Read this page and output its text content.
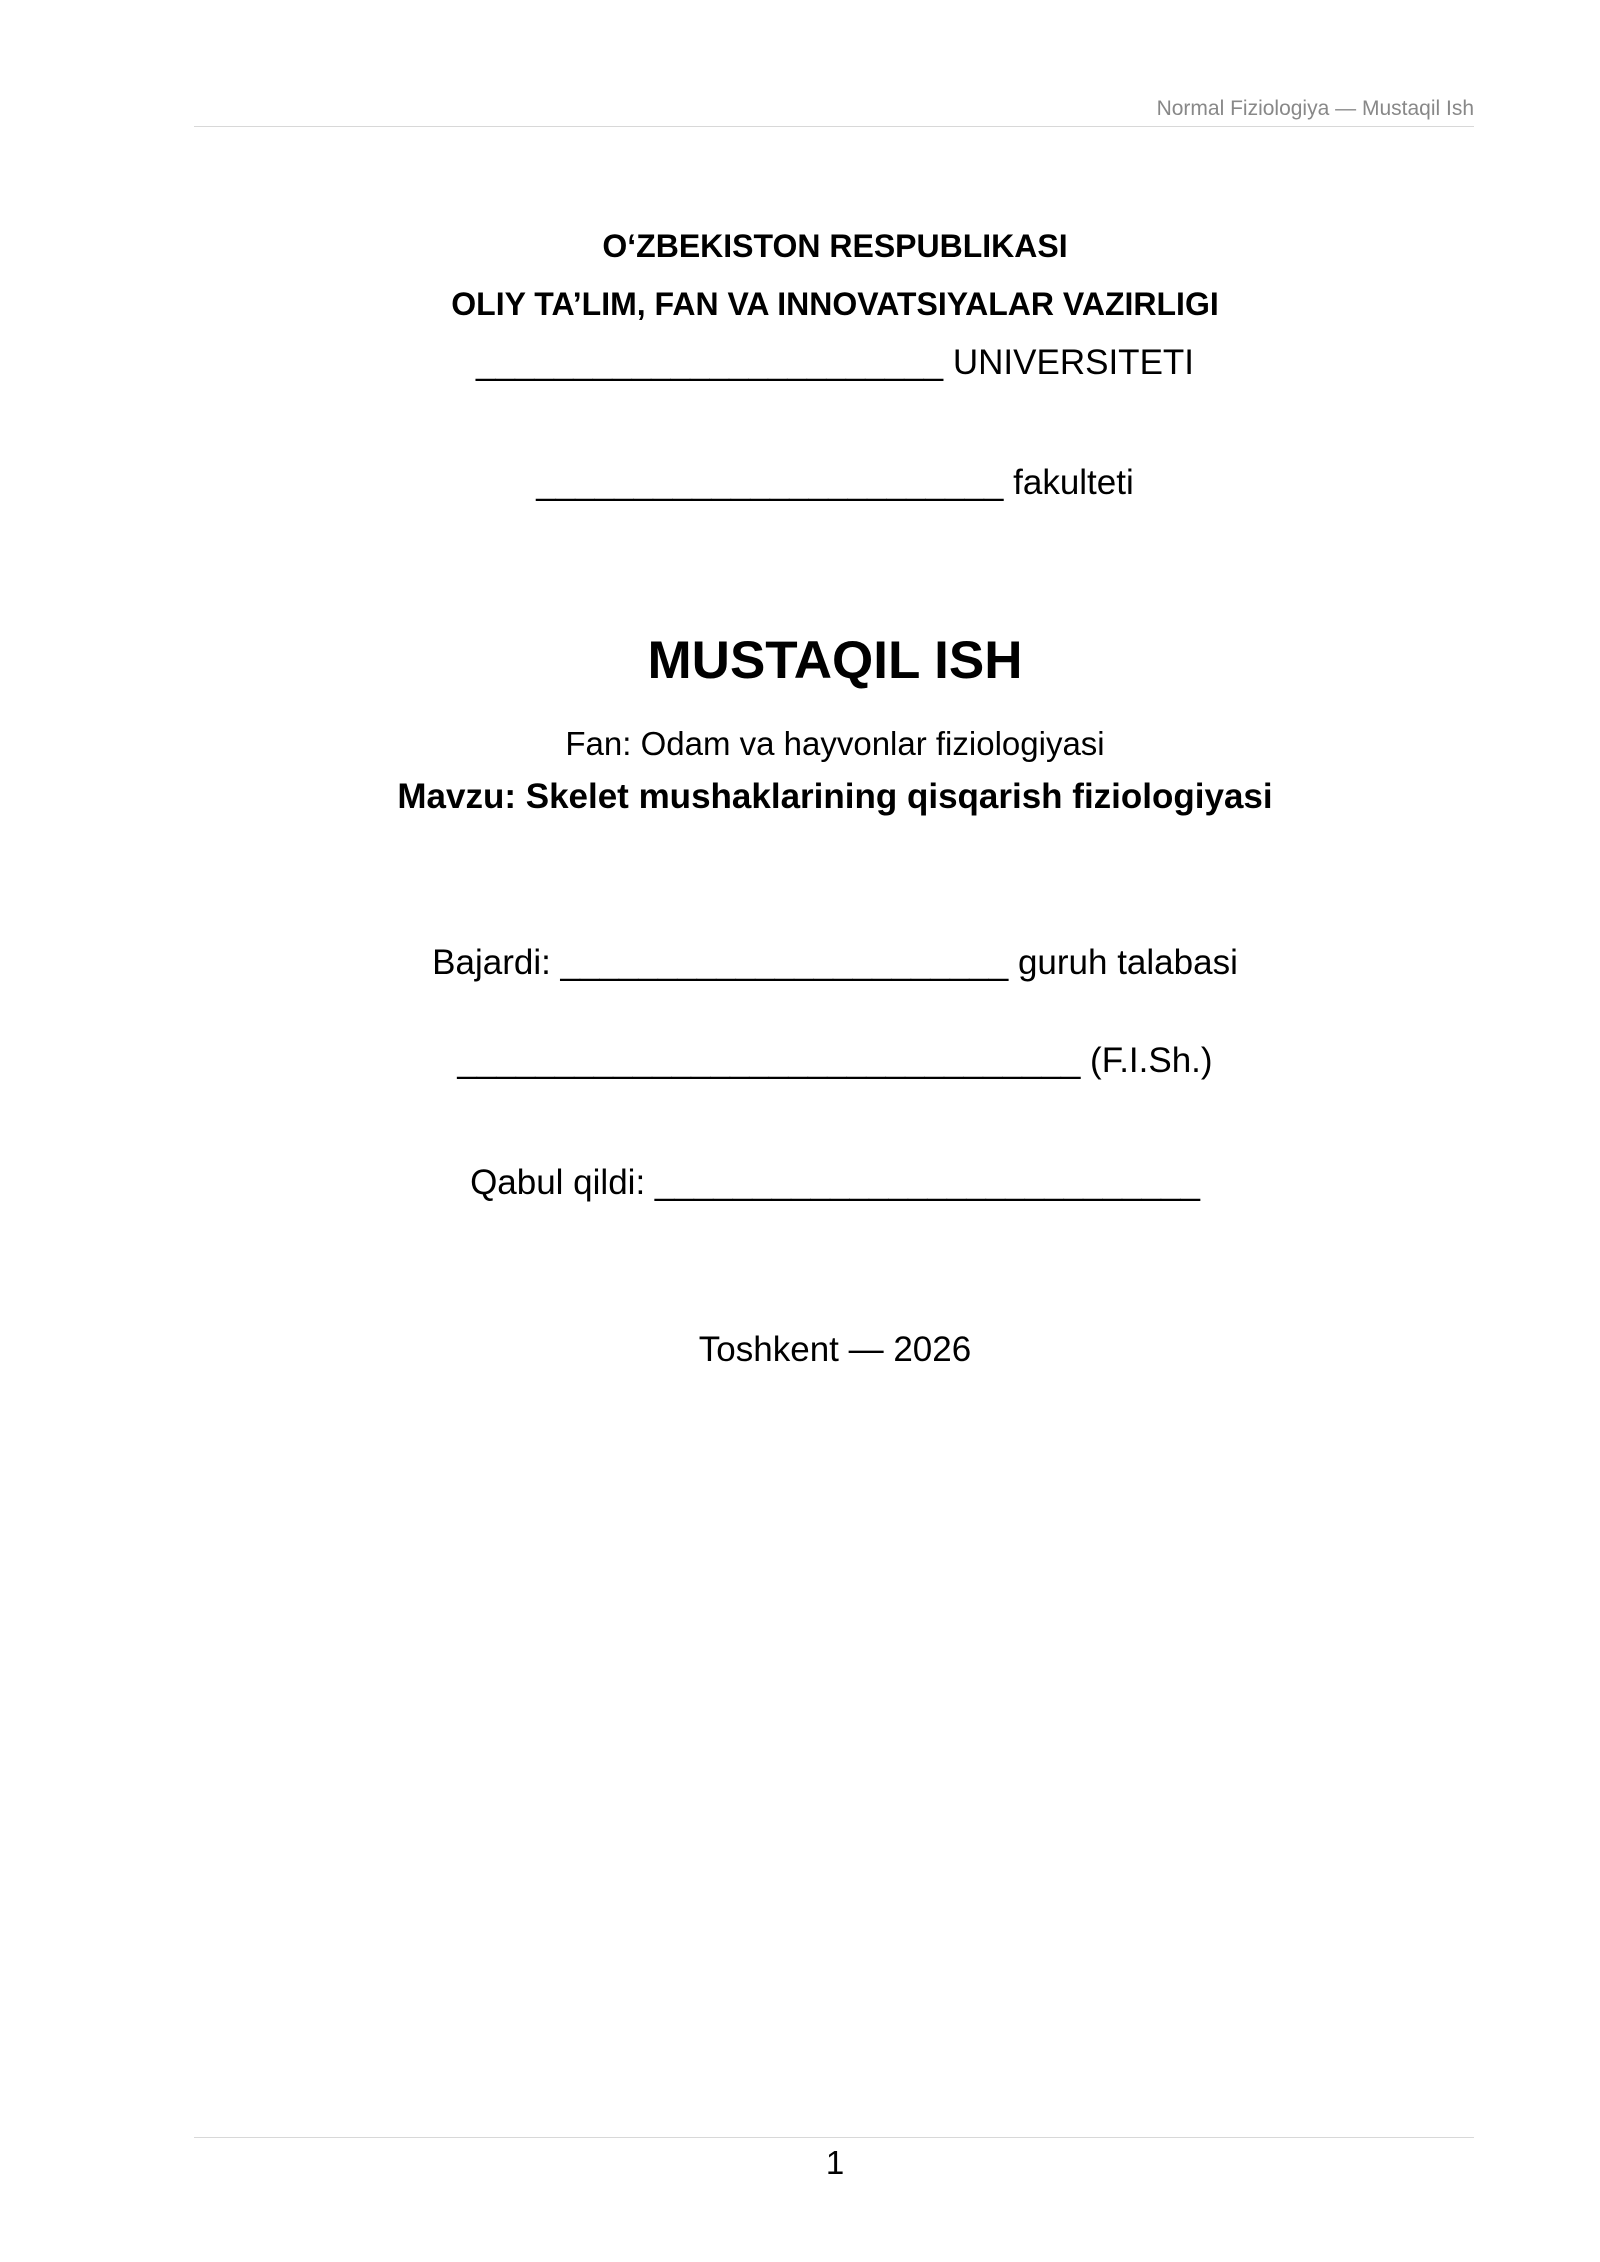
Normal Fiziologiya — Mustaqil Ish
O‘ZBEKISTON RESPUBLIKASI
OLIY TA’LIM, FAN VA INNOVATSIYALAR VAZIRLIGI
________________________ UNIVERSITETI
________________________ fakulteti
MUSTAQIL ISH
Fan: Odam va hayvonlar fiziologiyasi
Mavzu: Skelet mushaklarining qisqarish fiziologiyasi
Bajardi: _______________________ guruh talabasi
________________________________ (F.I.Sh.)
Qabul qildi: ____________________________
Toshkent — 2026
1
